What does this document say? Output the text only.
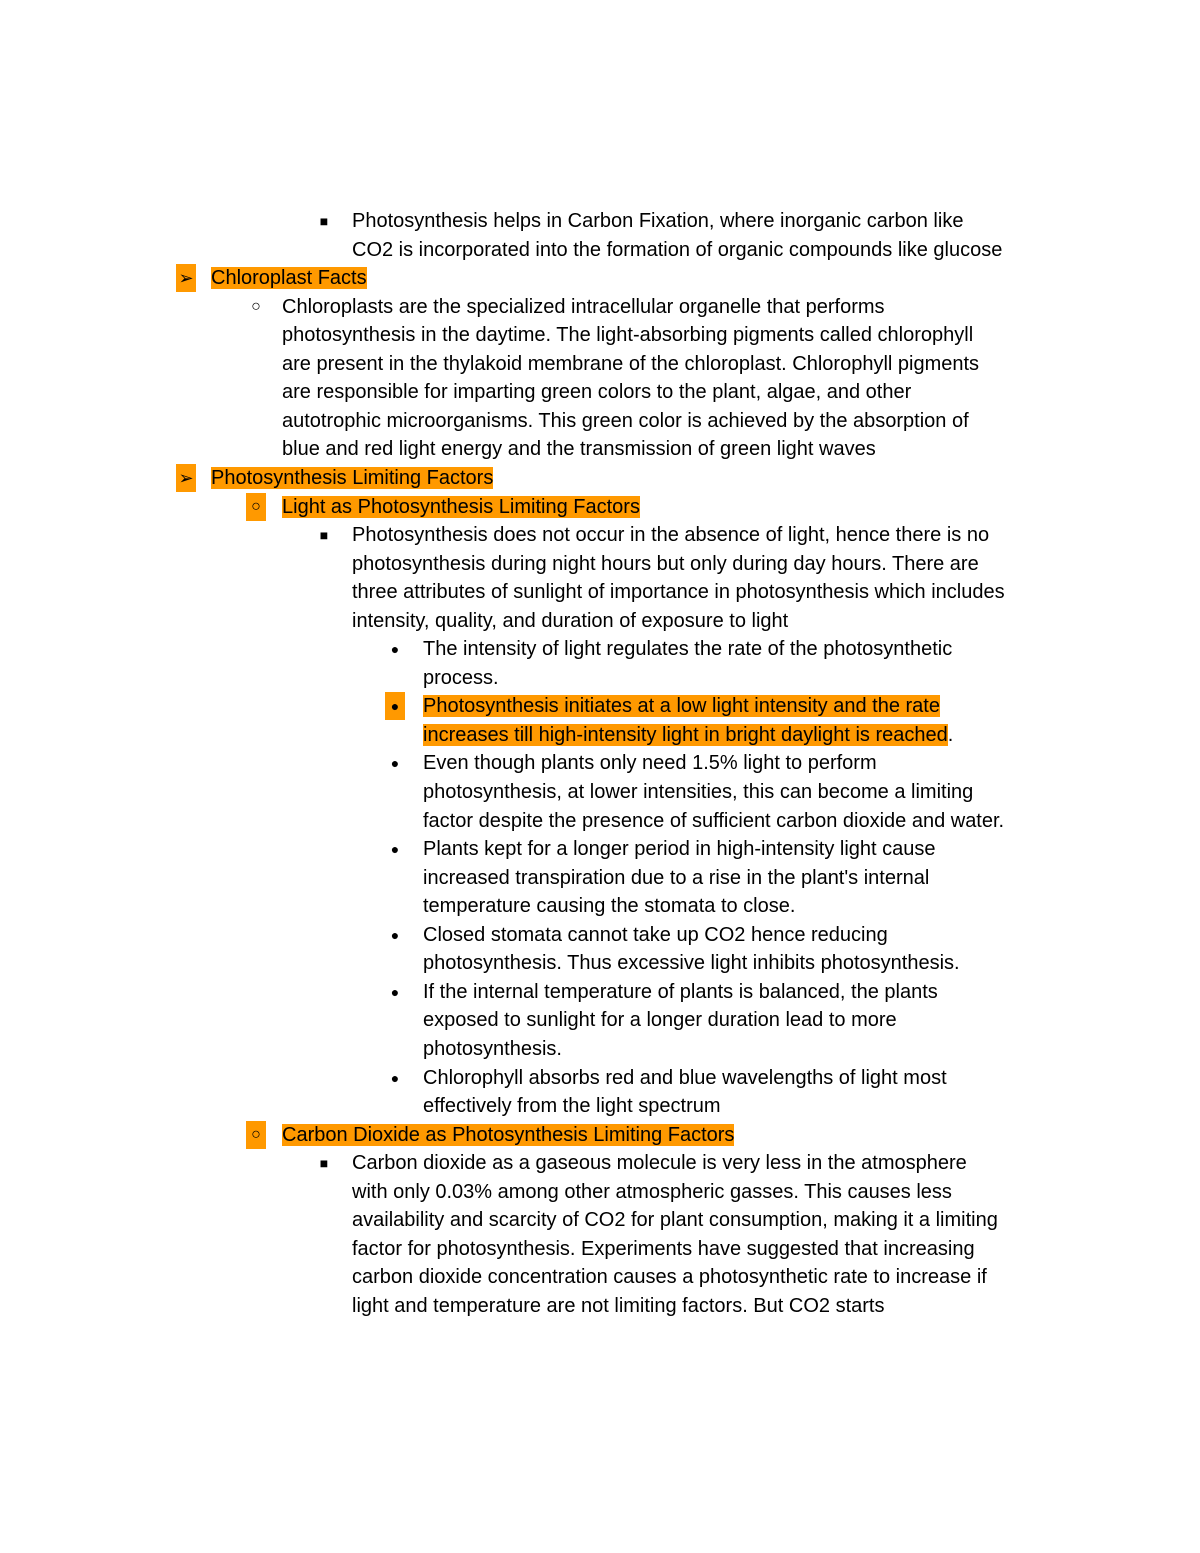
■ Photosynthesis helps in Carbon Fixation, where inorganic carbon like
CO2 is incorporated into the formation of organic compounds like glucose
➢ Chloroplast Facts
○ Chloroplasts are the specialized intracellular organelle that performs
photosynthesis in the daytime. The light-absorbing pigments called chlorophyll
are present in the thylakoid membrane of the chloroplast. Chlorophyll pigments
are responsible for imparting green colors to the plant, algae, and other
autotrophic microorganisms. This green color is achieved by the absorption of
blue and red light energy and the transmission of green light waves
➢ Photosynthesis Limiting Factors
○ Light as Photosynthesis Limiting Factors
■ Photosynthesis does not occur in the absence of light, hence there is no
photosynthesis during night hours but only during day hours. There are
three attributes of sunlight of importance in photosynthesis which includes
intensity, quality, and duration of exposure to light
● The intensity of light regulates the rate of the photosynthetic
process.
● Photosynthesis initiates at a low light intensity and the rate
increases till high-intensity light in bright daylight is reached.
● Even though plants only need 1.5% light to perform
photosynthesis, at lower intensities, this can become a limiting
factor despite the presence of sufficient carbon dioxide and water.
● Plants kept for a longer period in high-intensity light cause
increased transpiration due to a rise in the plant's internal
temperature causing the stomata to close.
● Closed stomata cannot take up CO2 hence reducing
photosynthesis. Thus excessive light inhibits photosynthesis.
● If the internal temperature of plants is balanced, the plants
exposed to sunlight for a longer duration lead to more
photosynthesis.
● Chlorophyll absorbs red and blue wavelengths of light most
effectively from the light spectrum
○ Carbon Dioxide as Photosynthesis Limiting Factors
■ Carbon dioxide as a gaseous molecule is very less in the atmosphere
with only 0.03% among other atmospheric gasses. This causes less
availability and scarcity of CO2 for plant consumption, making it a limiting
factor for photosynthesis. Experiments have suggested that increasing
carbon dioxide concentration causes a photosynthetic rate to increase if
light and temperature are not limiting factors. But CO2 starts
